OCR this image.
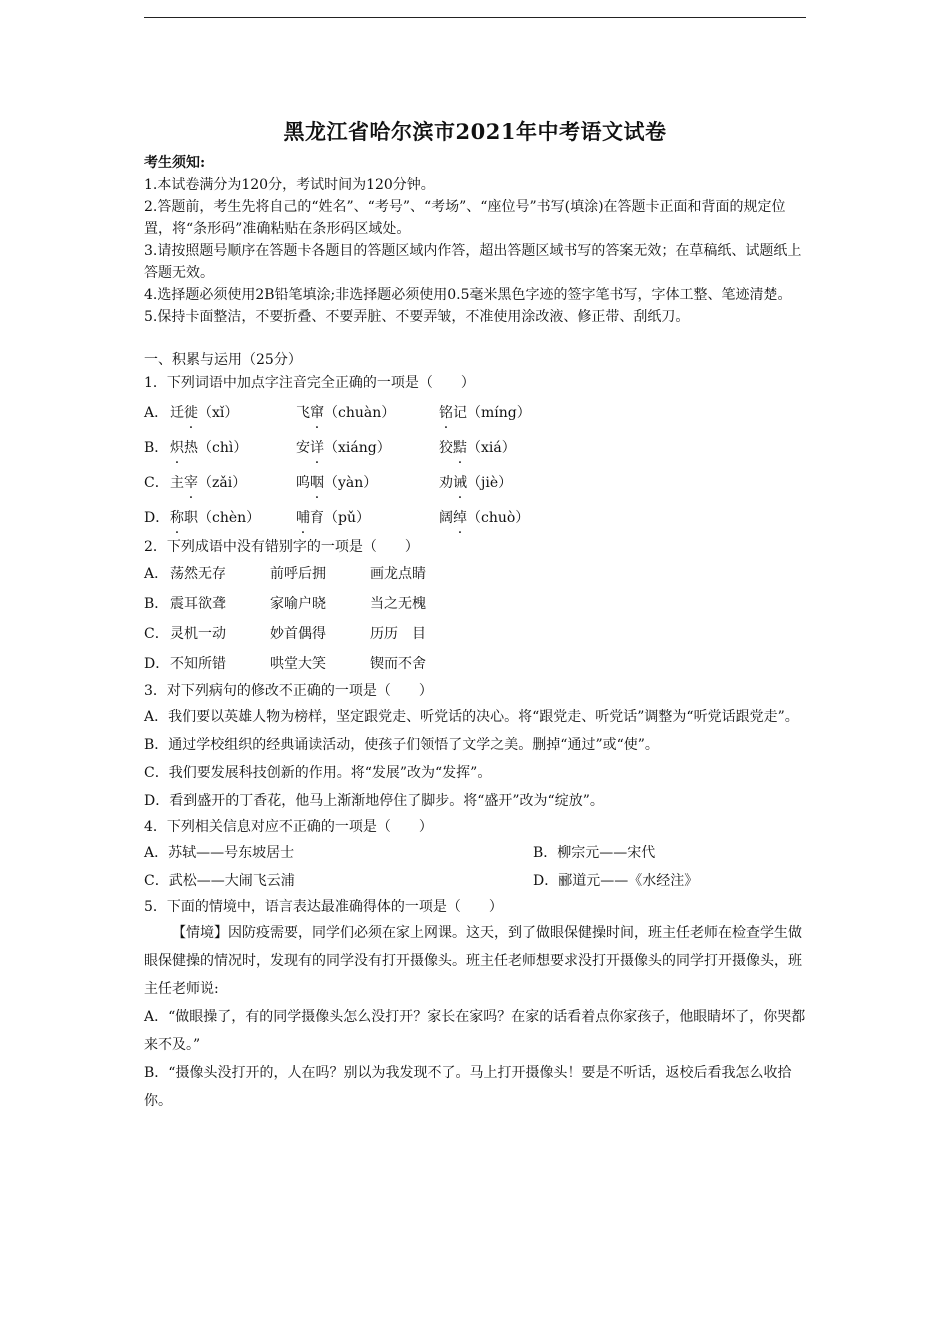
黑龙江省哈尔滨市2021年中考语文试卷

考生须知:

1.本试卷满分为120分，考试时间为120分钟。

2.答题前，考生先将自己的“姓名”、“考号”、“考场”、“座位号”书写(填涂)在答题卡正面和背面的规定位置，将“条形码”准确粘贴在条形码区域处。

3.请按照题号顺序在答题卡各题目的答题区域内作答，超出答题区域书写的答案无效；在草稿纸、试题纸上答题无效。

4.选择题必须使用2B铅笔填涂;非选择题必须使用0.5毫米黑色字迹的签字笔书写，字体工整、笔迹清楚。

5.保持卡面整洁，不要折叠、不要弄脏、不要弄皱，不准使用涂改液、修正带、刮纸刀。

一、积累与运用（25分）
1．下列词语中加点字注音完全正确的一项是（　　）
A． 迁徙（xǐ）	飞窜（chuàn）	铭记（míng）
B． 炽热（chì）	安详（xiáng）	狡黠（xiá）
C． 主宰（zǎi）	呜咽（yàn）	劝诫（jiè）
D． 称职（chèn）	哺育（pǔ）	阔绰（chuò）
2．下列成语中没有错别字的一项是（　　）
A． 荡然无存	前呼后拥	画龙点睛
B． 震耳欲聋	家喻户晓	当之无槐
C． 灵机一动	妙首偶得	历历　目
D． 不知所错	哄堂大笑	锲而不舍
3．对下列病句的修改不正确的一项是（　　）

A．我们要以英雄人物为榜样，坚定跟党走、听党话的决心。将“跟党走、听党话”调整为“听党话跟党走”。

B．通过学校组织的经典诵读活动，使孩子们领悟了文学之美。删掉“通过”或“使”。

C．我们要发展科技创新的作用。将“发展”改为“发挥”。

D．看到盛开的丁香花，他马上渐渐地停住了脚步。将“盛开”改为“绽放”。

4．下列相关信息对应不正确的一项是（　　）
A．苏轼——号东坡居士	B．柳宗元——宋代
C．武松——大闹飞云浦	D．郦道元——《水经注》
5．下面的情境中，语言表达最准确得体的一项是（　　）

【情境】因防疫需要，同学们必须在家上网课。这天，到了做眼保健操时间，班主任老师在检查学生做眼保健操的情况时，发现有的同学没有打开摄像头。班主任老师想要求没打开摄像头的同学打开摄像头，班主任老师说:

A．“做眼操了，有的同学摄像头怎么没打开？家长在家吗？在家的话看着点你家孩子，他眼睛坏了，你哭都来不及。”

B．“摄像头没打开的，人在吗？别以为我发现不了。马上打开摄像头！要是不听话，返校后看我怎么收拾你。
